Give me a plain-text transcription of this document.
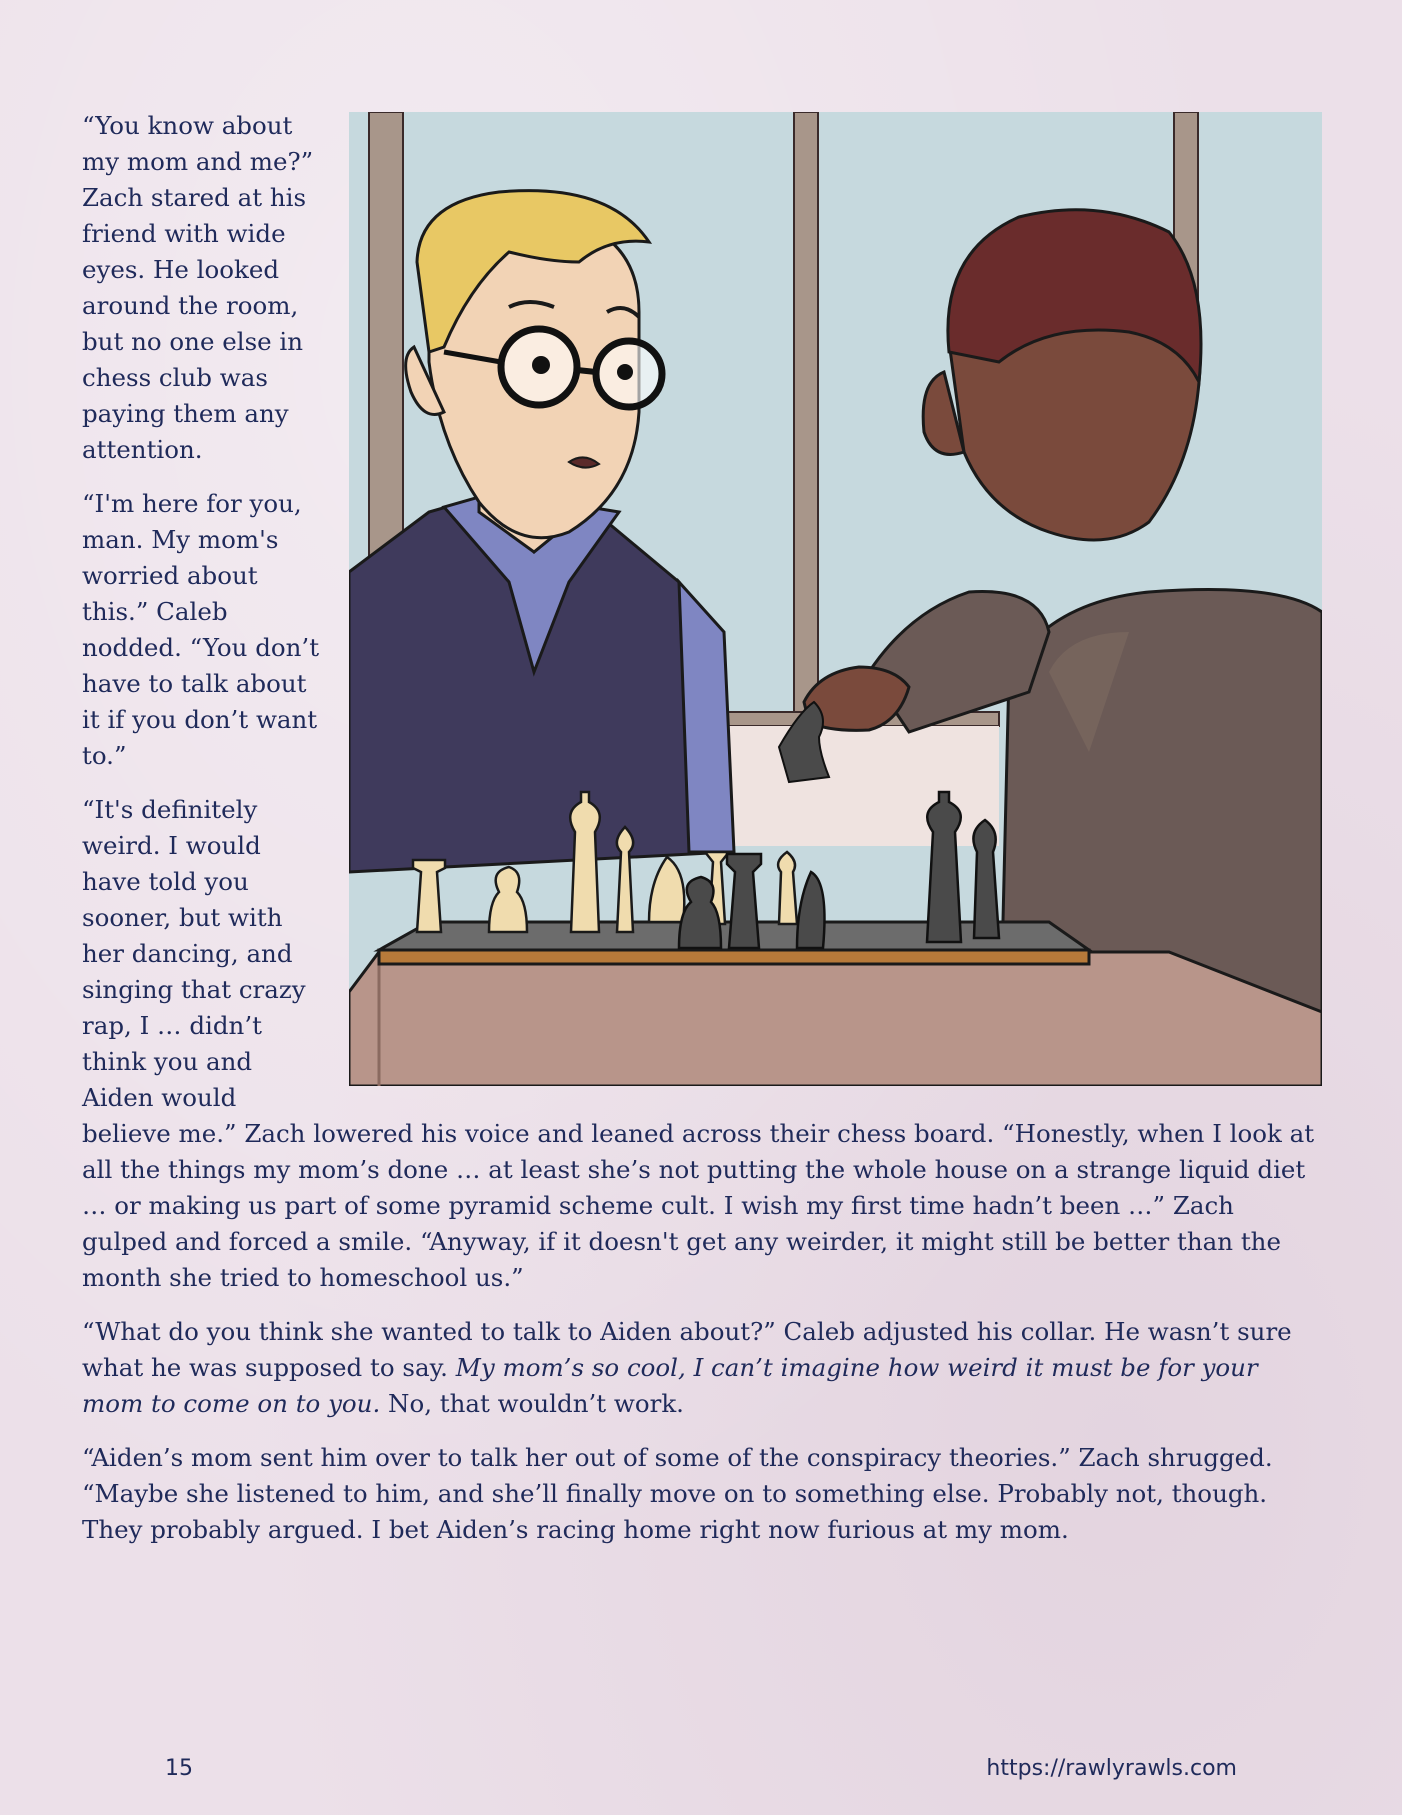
“You know about my mom and me?” Zach stared at his friend with wide eyes. He looked around the room, but no one else in chess club was paying them any attention.

“I'm here for you, man. My mom's worried about this.” Caleb nodded. “You don’t have to talk about it if you don’t want to.”

“It's definitely weird. I would have told you sooner, but with her dancing, and singing that crazy rap, I … didn’t think you and Aiden would believe me.” Zach lowered his voice and leaned across their chess board. “Honestly, when I look at all the things my mom’s done … at least she’s not putting the whole house on a strange liquid diet … or making us part of some pyramid scheme cult. I wish my first time hadn’t been …” Zach gulped and forced a smile. “Anyway, if it doesn't get any weirder, it might still be better than the month she tried to homeschool us.”

“What do you think she wanted to talk to Aiden about?” Caleb adjusted his collar. He wasn’t sure what he was supposed to say. My mom’s so cool, I can’t imagine how weird it must be for your mom to come on to you. No, that wouldn’t work.

“Aiden’s mom sent him over to talk her out of some of the conspiracy theories.” Zach shrugged. “Maybe she listened to him, and she’ll finally move on to something else. Probably not, though. They probably argued. I bet Aiden’s racing home right now furious at my mom.

15	https://rawlyrawls.com
